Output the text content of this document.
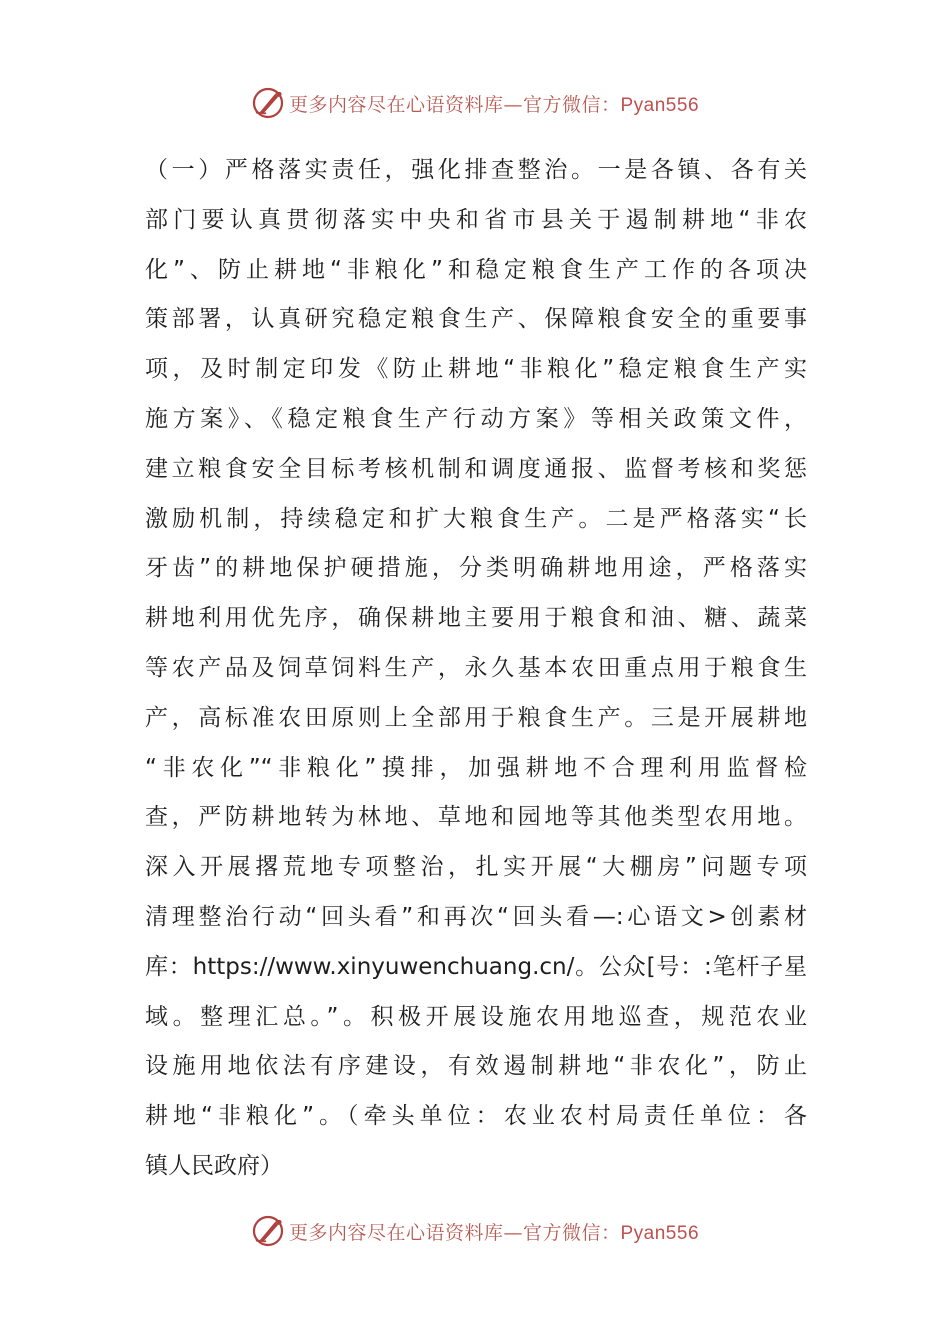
更多内容尽在心语资料库—官方微信：Pyan556
（一）严格落实责任，强化排查整治。一是各镇、各有关
部门要认真贯彻落实中央和省市县关于遏制耕地“非农
化”、防止耕地“非粮化”和稳定粮食生产工作的各项决
策部署，认真研究稳定粮食生产、保障粮食安全的重要事
项，及时制定印发《防止耕地“非粮化”稳定粮食生产实
施方案》、《稳定粮食生产行动方案》等相关政策文件，
建立粮食安全目标考核机制和调度通报、监督考核和奖惩
激励机制，持续稳定和扩大粮食生产。二是严格落实“长
牙齿”的耕地保护硬措施，分类明确耕地用途，严格落实
耕地利用优先序，确保耕地主要用于粮食和油、糖、蔬菜
等农产品及饲草饲料生产，永久基本农田重点用于粮食生
产，高标准农田原则上全部用于粮食生产。三是开展耕地
“非农化”“非粮化”摸排，加强耕地不合理利用监督检
查，严防耕地转为林地、草地和园地等其他类型农用地。
深入开展撂荒地专项整治，扎实开展“大棚房”问题专项
清理整治行动“回头看”和再次“回头看—:心语文>创素材
库：https://www.xinyuwenchuang.cn/。公众[号：:笔杆子星
域。整理汇总。”。积极开展设施农用地巡查，规范农业
设施用地依法有序建设，有效遏制耕地“非农化”，防止
耕地“非粮化”。（牵头单位：农业农村局责任单位：各
镇人民政府）
更多内容尽在心语资料库—官方微信：Pyan556
